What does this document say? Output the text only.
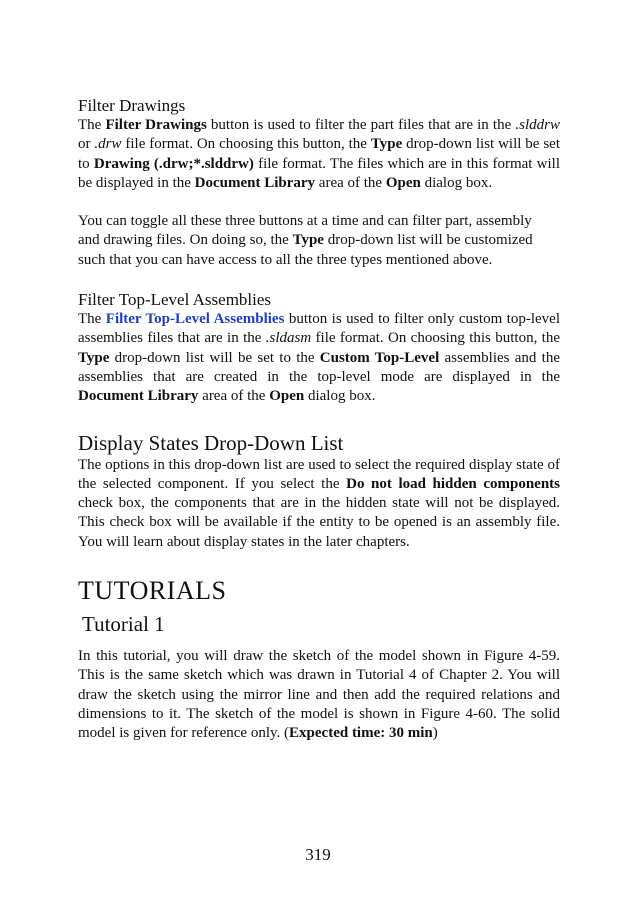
Filter Drawings

The Filter Drawings button is used to filter the part files that are in the .slddrw or .drw file format. On choosing this button, the Type drop-down list will be set to Drawing (.drw;*.slddrw) file format. The files which are in this format will be displayed in the Document Library area of the Open dialog box.

You can toggle all these three buttons at a time and can filter part, assembly and drawing files. On doing so, the Type drop-down list will be customized such that you can have access to all the three types mentioned above.

Filter Top-Level Assemblies

The Filter Top-Level Assemblies button is used to filter only custom top-level assemblies files that are in the .sldasm file format. On choosing this button, the Type drop-down list will be set to the Custom Top-Level assemblies and the assemblies that are created in the top-level mode are displayed in the Document Library area of the Open dialog box.

Display States Drop-Down List

The options in this drop-down list are used to select the required display state of the selected component. If you select the Do not load hidden components check box, the components that are in the hidden state will not be displayed. This check box will be available if the entity to be opened is an assembly file. You will learn about display states in the later chapters.

TUTORIALS
Tutorial 1

In this tutorial, you will draw the sketch of the model shown in Figure 4-59. This is the same sketch which was drawn in Tutorial 4 of Chapter 2. You will draw the sketch using the mirror line and then add the required relations and dimensions to it. The sketch of the model is shown in Figure 4-60. The solid model is given for reference only. (Expected time: 30 min)

319
